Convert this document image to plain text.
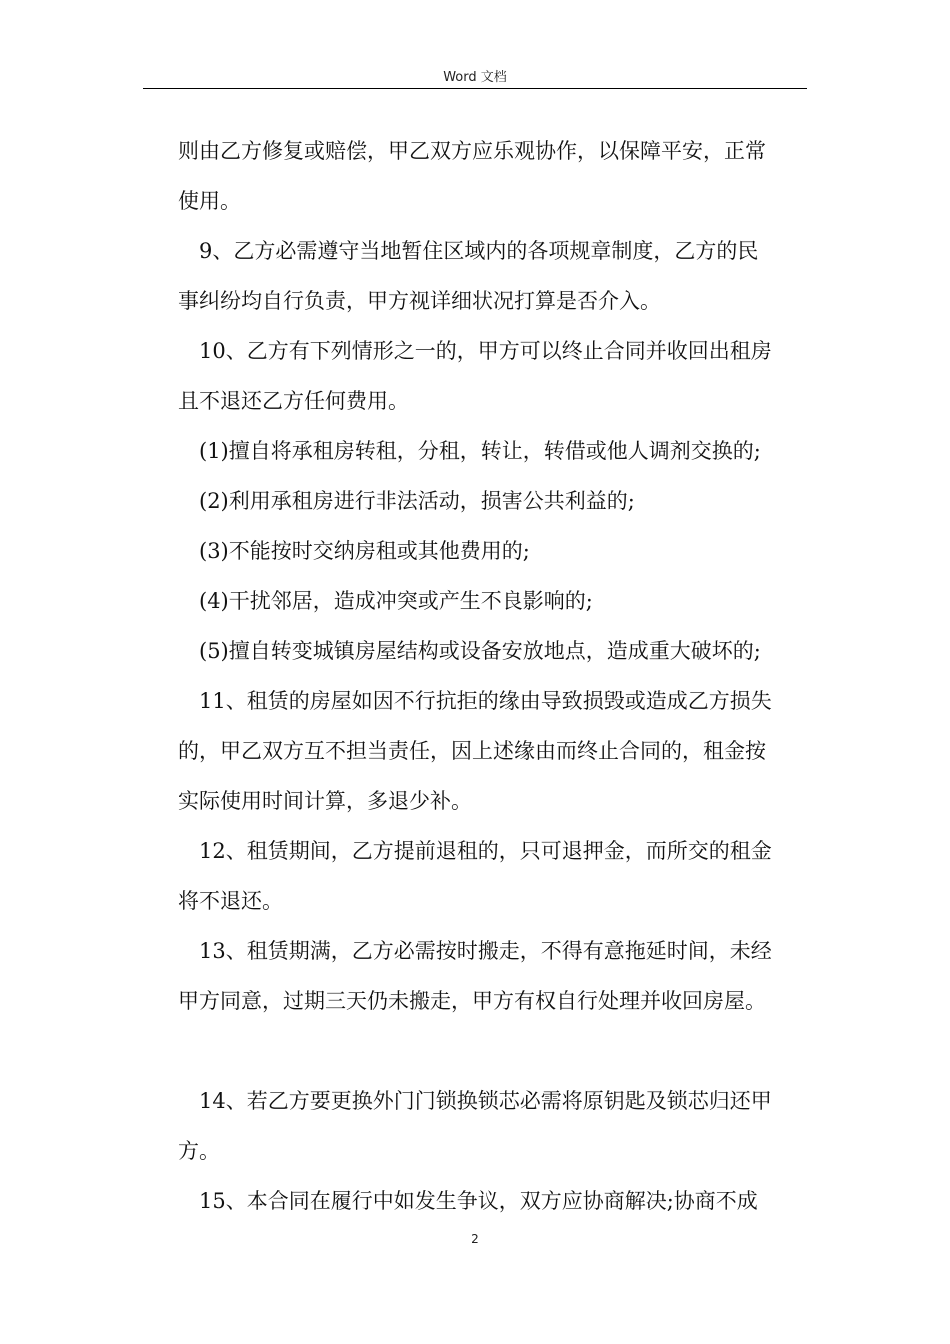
Word 文档

则由乙方修复或赔偿，甲乙双方应乐观协作，以保障平安，正常

使用。

9、乙方必需遵守当地暂住区域内的各项规章制度，乙方的民

事纠纷均自行负责，甲方视详细状况打算是否介入。

10、乙方有下列情形之一的，甲方可以终止合同并收回出租房

且不退还乙方任何费用。

(1)擅自将承租房转租，分租，转让，转借或他人调剂交换的;

(2)利用承租房进行非法活动，损害公共利益的;

(3)不能按时交纳房租或其他费用的;

(4)干扰邻居，造成冲突或产生不良影响的;

(5)擅自转变城镇房屋结构或设备安放地点，造成重大破坏的;

11、租赁的房屋如因不行抗拒的缘由导致损毁或造成乙方损失

的，甲乙双方互不担当责任，因上述缘由而终止合同的，租金按

实际使用时间计算，多退少补。

12、租赁期间，乙方提前退租的，只可退押金，而所交的租金

将不退还。

13、租赁期满，乙方必需按时搬走，不得有意拖延时间，未经

甲方同意，过期三天仍未搬走，甲方有权自行处理并收回房屋。

14、若乙方要更换外门门锁换锁芯必需将原钥匙及锁芯归还甲

方。

15、本合同在履行中如发生争议，双方应协商解决;协商不成

2
